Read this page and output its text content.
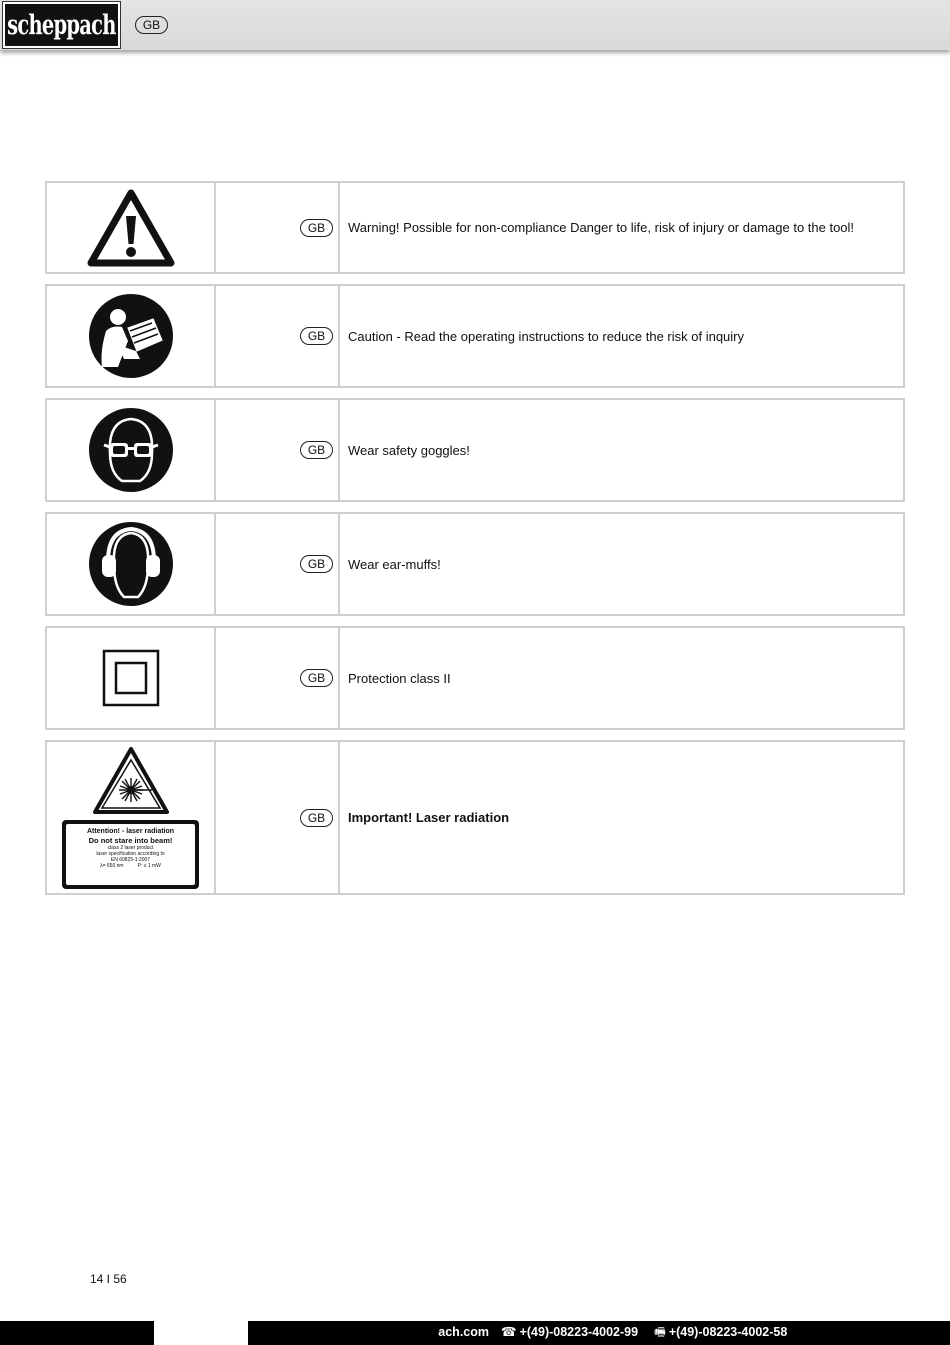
scheppach	GB
GB	Warning! Possible for non-compliance Danger to life, risk of injury or damage to the tool!
GB	Caution - Read the operating instructions to reduce the risk of inquiry
GB	Wear safety goggles!
GB	Wear ear-muffs!
GB	Protection class II
Attention! - laser radiation
Do not stare into beam!
class 2 laser product
laser specification according to
EN 60825-1:2007
λ= 650 nm	P: ≤ 1 mW
GB	Important! Laser radiation
14 I 56
ach.com ☎ +(49)-08223-4002-99 🖷 +(49)-08223-4002-58
